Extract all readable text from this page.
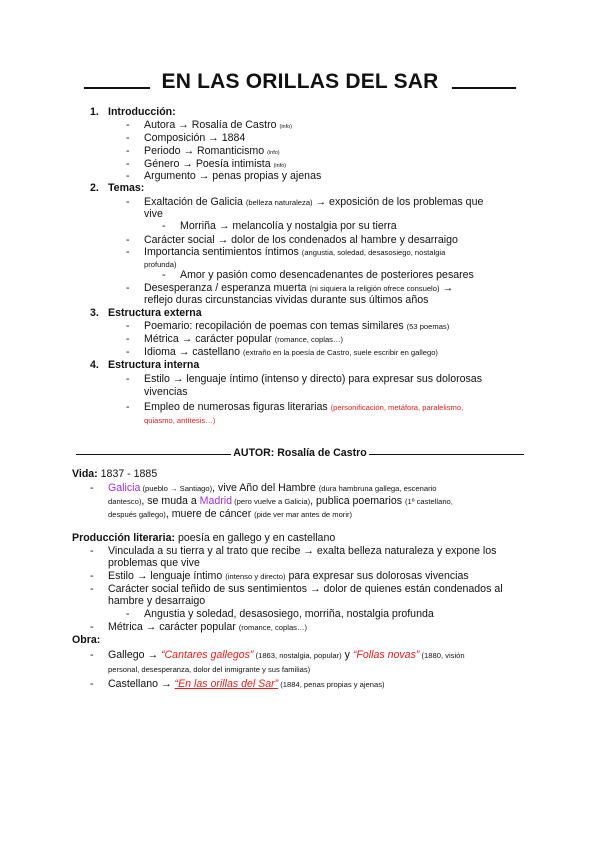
EN LAS ORILLAS DEL SAR
1. Introducción:
- Autora → Rosalía de Castro (info)
- Composición → 1884
- Periodo → Romanticismo (info)
- Género → Poesía intimista (info)
- Argumento → penas propias y ajenas
2. Temas:
- Exaltación de Galicia (belleza naturaleza) → exposición de los problemas que
vive
- Morriña → melancolía y nostalgia por su tierra
- Carácter social → dolor de los condenados al hambre y desarraigo
- Importancia sentimientos íntimos (angustia, soledad, desasosiego, nostalgia
profunda)
- Amor y pasión como desencadenantes de posteriores pesares
- Desesperanza / esperanza muerta (ni siquiera la religión ofrece consuelo) →
reflejo duras circunstancias vividas durante sus últimos años
3. Estructura externa
- Poemario: recopilación de poemas con temas similares (53 poemas)
- Métrica → carácter popular (romance, coplas…)
- Idioma → castellano (extraño en la poesía de Castro, suele escribir en gallego)
4. Estructura interna
- Estilo → lenguaje íntimo (intenso y directo) para expresar sus dolorosas
vivencias
- Empleo de numerosas figuras literarias (personificación, metáfora, paralelismo,
quiasmo, antítesis…)
AUTOR: Rosalía de Castro
Vida: 1837 - 1885
- Galicia (pueblo → Santiago), vive Año del Hambre (dura hambruna gallega, escenario
dantesco), se muda a Madrid (pero vuelve a Galicia), publica poemarios (1º castellano,
después gallego), muere de cáncer (pide ver mar antes de morir)
Producción literaria: poesía en gallego y en castellano
- Vinculada a su tierra y al trato que recibe → exalta belleza naturaleza y expone los
problemas que vive
- Estilo → lenguaje íntimo (intenso y directo) para expresar sus dolorosas vivencias
- Carácter social teñido de sus sentimientos → dolor de quienes están condenados al
hambre y desarraigo
- Angustia y soledad, desasosiego, morriña, nostalgia profunda
- Métrica → carácter popular (romance, coplas…)
Obra:
- Gallego → “Cantares gallegos” (1863, nostalgia, popular) y “Follas novas” (1880, visión
personal, desesperanza, dolor del inmigrante y sus familias)
- Castellano → “En las orillas del Sar” (1884, penas propias y ajenas)
